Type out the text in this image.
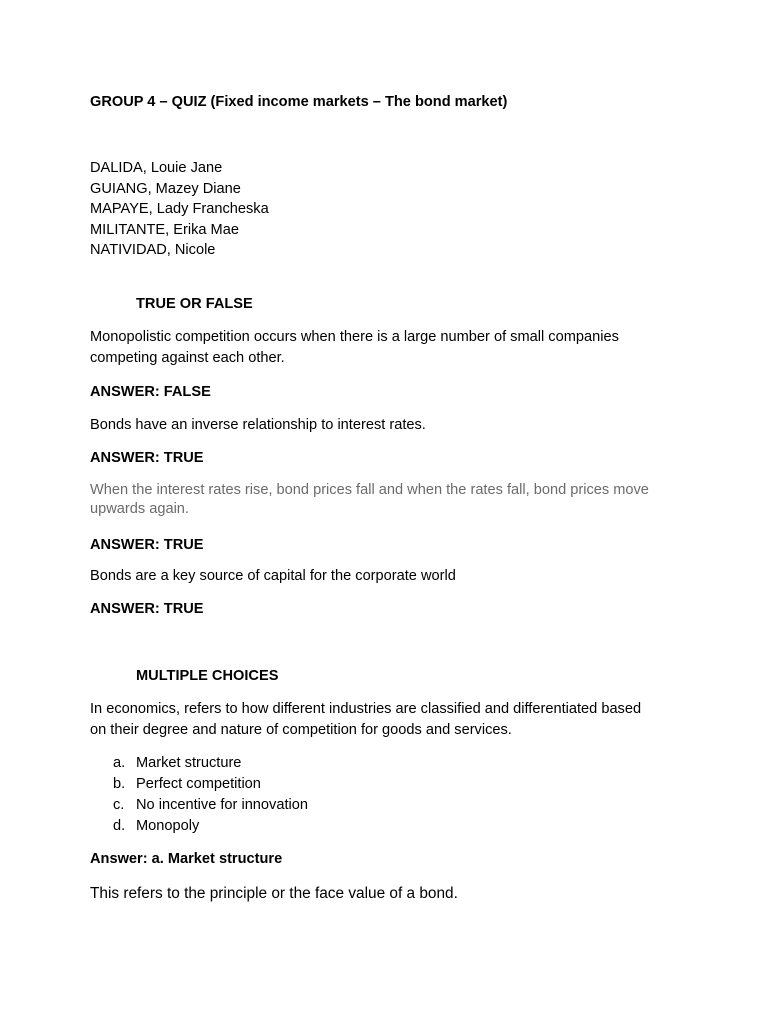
GROUP 4 – QUIZ (Fixed income markets – The bond market)
DALIDA, Louie Jane
GUIANG, Mazey Diane
MAPAYE, Lady Francheska
MILITANTE, Erika Mae
NATIVIDAD, Nicole
TRUE OR FALSE
Monopolistic competition occurs when there is a large number of small companies
competing against each other.
ANSWER: FALSE
Bonds have an inverse relationship to interest rates.
ANSWER: TRUE
When the interest rates rise, bond prices fall and when the rates fall, bond prices move
upwards again.
ANSWER: TRUE
Bonds are a key source of capital for the corporate world
ANSWER: TRUE
MULTIPLE CHOICES
In economics, refers to how different industries are classified and differentiated based
on their degree and nature of competition for goods and services.
a. Market structure
b. Perfect competition
c. No incentive for innovation
d. Monopoly
Answer: a. Market structure
This refers to the principle or the face value of a bond.
